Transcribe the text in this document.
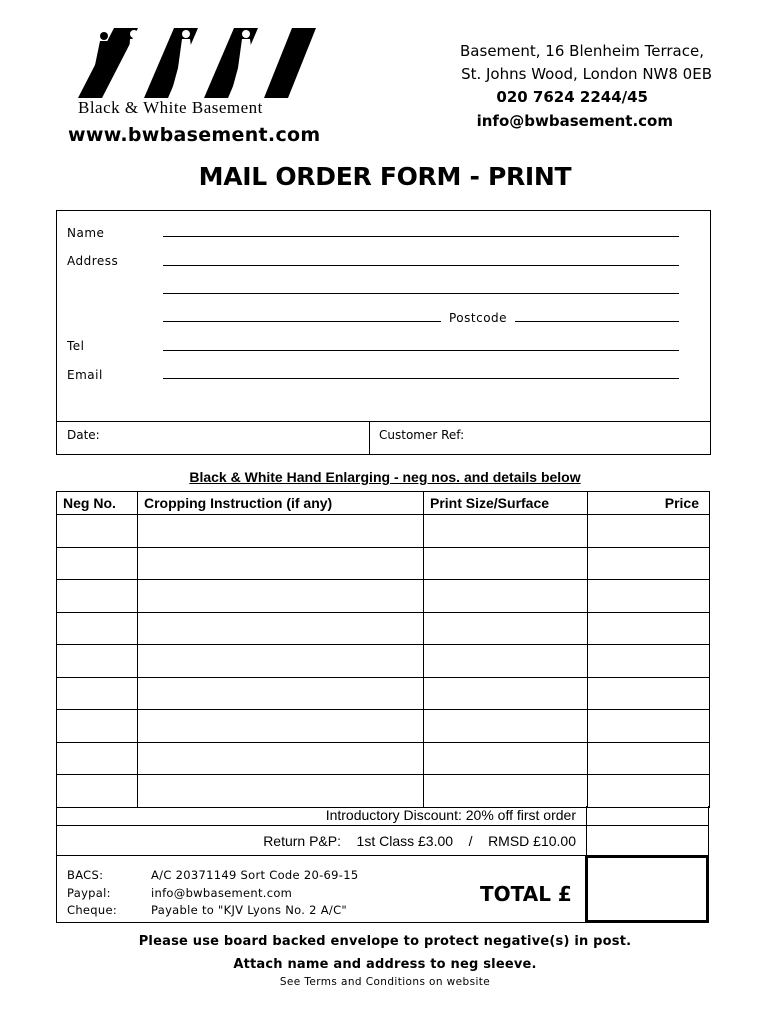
Black & White Basement
www.bwbasement.com
Basement, 16 Blenheim Terrace,
St. Johns Wood, London NW8 0EB
020 7624 2244/45
info@bwbasement.com
MAIL ORDER FORM - PRINT
Name
Address
Postcode
Tel
Email
Date:	Customer Ref:
Black & White Hand Enlarging - neg nos. and details below
Neg No.	Cropping Instruction (if any)	Print Size/Surface	Price

Introductory Discount: 20% off first order
Return P&P:    1st Class £3.00    /    RMSD £10.00
BACS:	A/C 20371149 Sort Code 20-69-15
Paypal:	info@bwbasement.com
Cheque:	Payable to "KJV Lyons No. 2 A/C"
TOTAL £
Please use board backed envelope to protect negative(s) in post.
Attach name and address to neg sleeve.
See Terms and Conditions on website
